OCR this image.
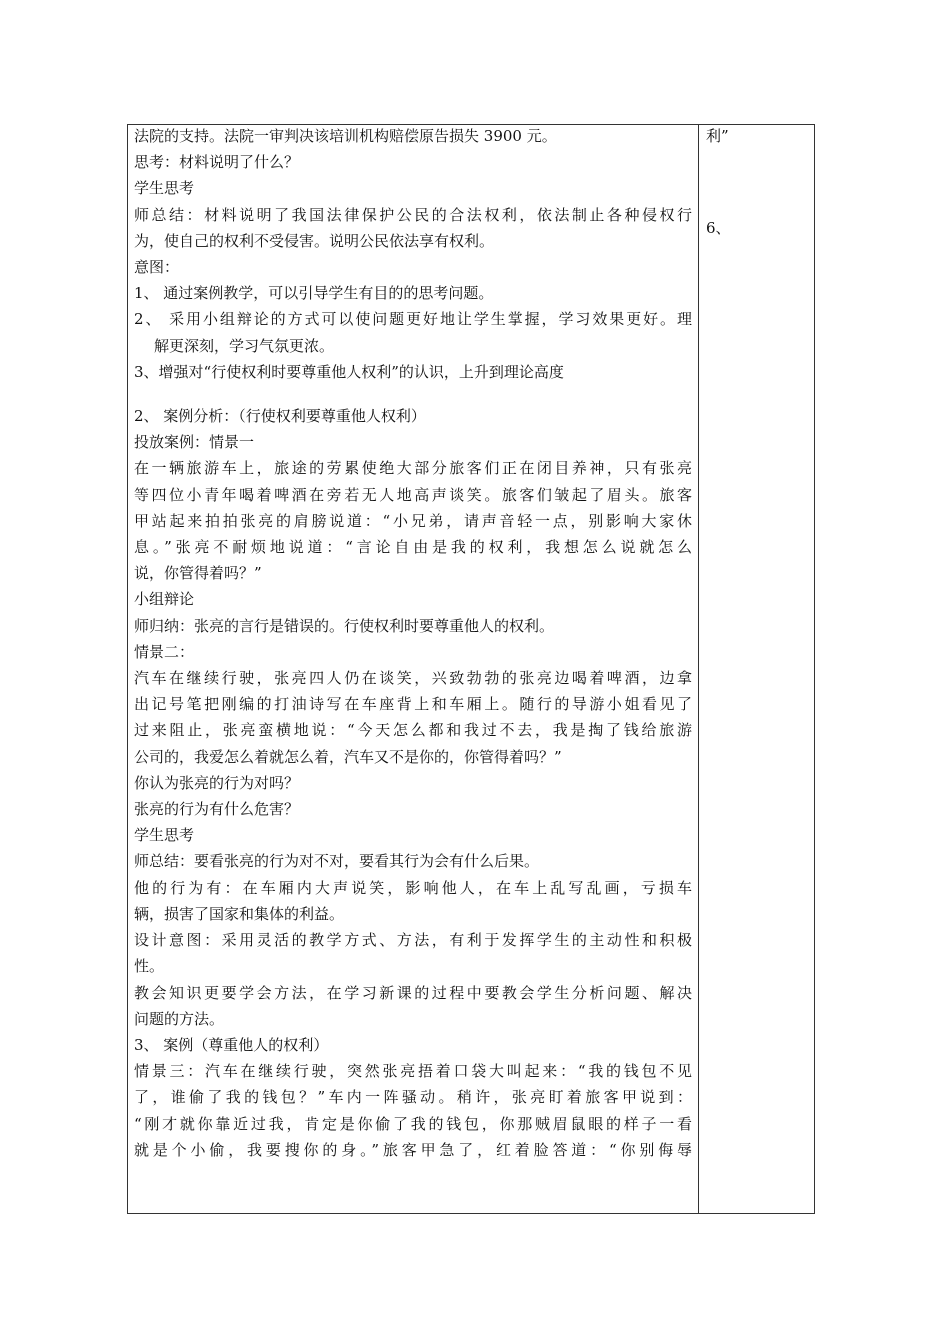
法院的支持。法院一审判决该培训机构赔偿原告损失 3900 元。
思考：材料说明了什么？
学生思考
师总结：材料说明了我国法律保护公民的合法权利，依法制止各种侵权行
为，使自己的权利不受侵害。说明公民依法享有权利。
意图：
1、 通过案例教学，可以引导学生有目的的思考问题。
2、 采用小组辩论的方式可以使问题更好地让学生掌握，学习效果更好。理
解更深刻，学习气氛更浓。
3、增强对“行使权利时要尊重他人权利”的认识，上升到理论高度
2、 案例分析：（行使权利要尊重他人权利）
投放案例：情景一
在一辆旅游车上，旅途的劳累使绝大部分旅客们正在闭目养神，只有张亮
等四位小青年喝着啤酒在旁若无人地高声谈笑。旅客们皱起了眉头。旅客
甲站起来拍拍张亮的肩膀说道：“小兄弟，请声音轻一点，别影响大家休
息。”张亮不耐烦地说道：“言论自由是我的权利，我想怎么说就怎么
说，你管得着吗？”
小组辩论
师归纳：张亮的言行是错误的。行使权利时要尊重他人的权利。
情景二：
汽车在继续行驶，张亮四人仍在谈笑，兴致勃勃的张亮边喝着啤酒，边拿
出记号笔把刚编的打油诗写在车座背上和车厢上。随行的导游小姐看见了
过来阻止，张亮蛮横地说：“今天怎么都和我过不去，我是掏了钱给旅游
公司的，我爱怎么着就怎么着，汽车又不是你的，你管得着吗？”
你认为张亮的行为对吗？
张亮的行为有什么危害？
学生思考
师总结：要看张亮的行为对不对，要看其行为会有什么后果。
他的行为有：在车厢内大声说笑，影响他人，在车上乱写乱画，亏损车
辆，损害了国家和集体的利益。
设计意图：采用灵活的教学方式、方法，有利于发挥学生的主动性和积极
性。
教会知识更要学会方法，在学习新课的过程中要教会学生分析问题、解决
问题的方法。
3、 案例（尊重他人的权利）
情景三：汽车在继续行驶，突然张亮捂着口袋大叫起来：“我的钱包不见
了，谁偷了我的钱包？”车内一阵骚动。稍许，张亮盯着旅客甲说到：
“刚才就你靠近过我，肯定是你偷了我的钱包，你那贼眉鼠眼的样子一看
就是个小偷，我要搜你的身。”旅客甲急了，红着脸答道：“你别侮辱
利”
6、
